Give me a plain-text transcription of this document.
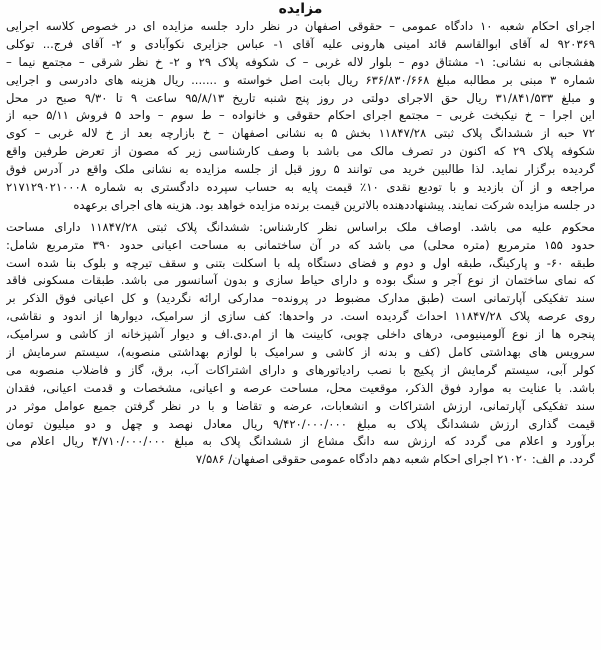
مزایده
اجرای احکام شعبه ۱۰ دادگاه عمومی – حقوقی اصفهان در نظر دارد جلسه مزایده ای در خصوص کلاسه اجرایی
۹۲۰۳۶۹ له آقای ابوالقاسم قائد امینی هارونی علیه آقای ۱- عباس جزایری نکوآبادی و ۲- آقای فرج... توکلی
هفشجانی به نشانی: ۱- مشتاق دوم – بلوار لاله غربی – ک شکوفه پلاک ۲۹ و ۲- خ نظر شرقی – مجتمع نیما –
شماره ۳ مبنی بر مطالبه مبلغ ۶۳۶/۸۳۰/۶۶۸ ریال بابت اصل خواسته و ....... ریال هزینه های دادرسی و اجرایی
و مبلغ ۳۱/۸۴۱/۵۳۳ ریال حق الاجرای دولتی در روز پنج شنبه تاریخ ۹۵/۸/۱۳ ساعت ۹ تا ۹/۳۰ صبح در محل
این اجرا – خ نیکبخت غربی – مجتمع اجرای احکام حقوقی و خانواده – ط سوم – واحد ۵ فروش ۵/۱۱ حبه از
۷۲ حبه از ششدانگ پلاک ثبتی ۱۱۸۴۷/۲۸ بخش ۵ به نشانی اصفهان – خ بازارچه بعد از خ لاله غربی – کوی
شکوفه پلاک ۲۹ که اکنون در تصرف مالک می باشد با وصف کارشناسی زیر که مصون از تعرض طرفین واقع
گردیده برگزار نماید. لذا طالبین خرید می توانند ۵ روز قبل از جلسه مزایده به نشانی ملک واقع در آدرس فوق
مراجعه و از آن بازدید و با تودیع نقدی ۱۰٪ قیمت پایه به حساب سپرده دادگستری به شماره ۲۱۷۱۲۹۰۲۱۰۰۰۸
در جلسه مزایده شرکت نمایند. پیشنهاددهنده بالاترین قیمت برنده مزایده خواهد بود. هزینه های اجرای برعهده
محکوم علیه می باشد. اوصاف ملک براساس نظر کارشناس: ششدانگ پلاک ثبتی ۱۱۸۴۷/۲۸ دارای مساحت
حدود ۱۵۵ مترمربع (متره محلی) می باشد که در آن ساختمانی به مساحت اعیانی حدود ۳۹۰ مترمربع شامل:
طبقه ۶۰- و پارکینگ، طبقه اول و دوم و فضای دستگاه پله با اسکلت بتنی و سقف تیرچه و بلوک بنا شده است
که نمای ساختمان از نوع آجر و سنگ بوده و دارای حیاط سازی و بدون آسانسور می باشد. طبقات مسکونی فاقد
سند تفکیکی آپارتمانی است (طبق مدارک مضبوط در پرونده– مدارکی ارائه نگردید) و کل اعیانی فوق الذکر بر
روی عرصه پلاک ۱۱۸۴۷/۲۸ احداث گردیده است. در واحدها: کف سازی از سرامیک، دیوارها از اندود و نقاشی،
پنجره ها از نوع آلومینیومی، درهای داخلی چوبی، کابینت ها از ام.دی.اف و دیوار آشپزخانه از کاشی و سرامیک،
سرویس های بهداشتی کامل (کف و بدنه از کاشی و سرامیک با لوازم بهداشتی منصوبه)، سیستم سرمایش از
کولر آبی، سیستم گرمایش از پکیج با نصب رادیاتورهای و دارای اشتراکات آب، برق، گاز و فاضلاب منصوبه می
باشد. با عنایت به موارد فوق الذکر، موقعیت محل، مساحت عرصه و اعیانی، مشخصات و قدمت اعیانی، فقدان
سند تفکیکی آپارتمانی، ارزش اشتراکات و انشعابات، عرضه و تقاضا و با در نظر گرفتن جمیع عوامل موثر در
قیمت گذاری ارزش ششدانگ پلاک به مبلغ ۹/۴۲۰/۰۰۰/۰۰۰ ریال معادل نهصد و چهل و دو میلیون تومان
برآورد و اعلام می گردد که ارزش سه دانگ مشاع از ششدانگ پلاک به مبلغ ۴/۷۱۰/۰۰۰/۰۰۰ ریال اعلام می
گردد. م الف: ۲۱۰۲۰ اجرای احکام شعبه دهم دادگاه عمومی حقوقی اصفهان/ ۷/۵۸۶
